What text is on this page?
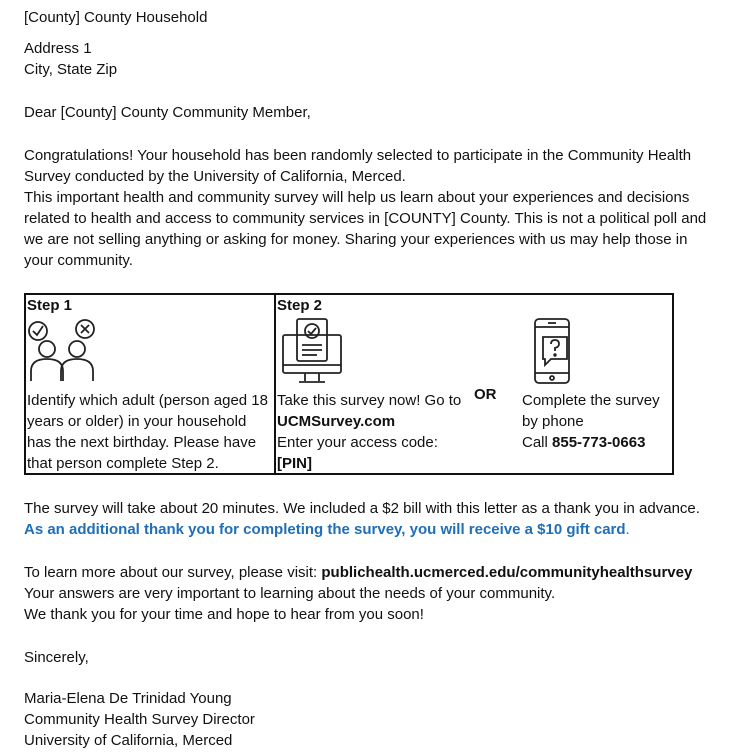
[County] County Household
Address 1
City, State Zip
Dear [County] County Community Member,
Congratulations! Your household has been randomly selected to participate in the Community Health
Survey conducted by the University of California, Merced.
This important health and community survey will help us learn about your experiences and decisions
related to health and access to community services in [COUNTY] County. This is not a political poll and
we are not selling anything or asking for money. Sharing your experiences with us may help those in
your community.
Step 1
Identify which adult (person aged 18
years or older) in your household
has the next birthday. Please have
that person complete Step 2.
Step 2
Take this survey now! Go to
UCMSurvey.com
Enter your access code:
[PIN]
OR Complete the survey
by phone
Call 855-773-0663
The survey will take about 20 minutes. We included a $2 bill with this letter as a thank you in advance.
As an additional thank you for completing the survey, you will receive a $10 gift card.
To learn more about our survey, please visit: publichealth.ucmerced.edu/communityhealthsurvey
Your answers are very important to learning about the needs of your community.
We thank you for your time and hope to hear from you soon!
Sincerely,
Maria-Elena De Trinidad Young
Community Health Survey Director
University of California, Merced
